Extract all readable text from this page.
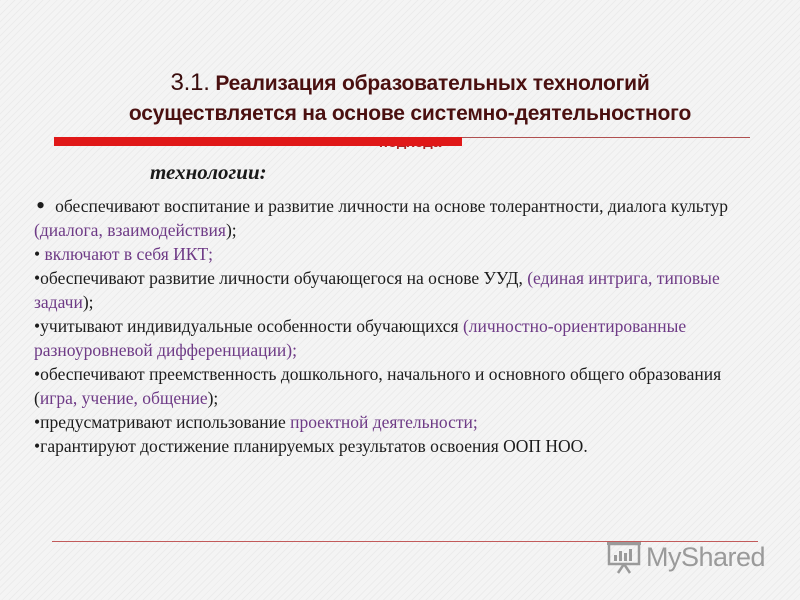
3.1. Реализация образовательных технологий
осуществляется на основе системно-деятельностного
технологии:

• обеспечивают воспитание и развитие личности на основе толерантности, диалога культур (диалога, взаимодействия);

• включают в себя ИКТ;

•обеспечивают развитие личности обучающегося на основе УУД, (единая интрига, типовые задачи);

•учитывают индивидуальные особенности обучающихся (личностно-ориентированные разноуровневой дифференциации);

•обеспечивают преемственность дошкольного, начального и основного общего образования (игра, учение, общение);

•предусматривают использование проектной деятельности;

•гарантируют достижение планируемых результатов освоения ООП НОО.

MyShared
